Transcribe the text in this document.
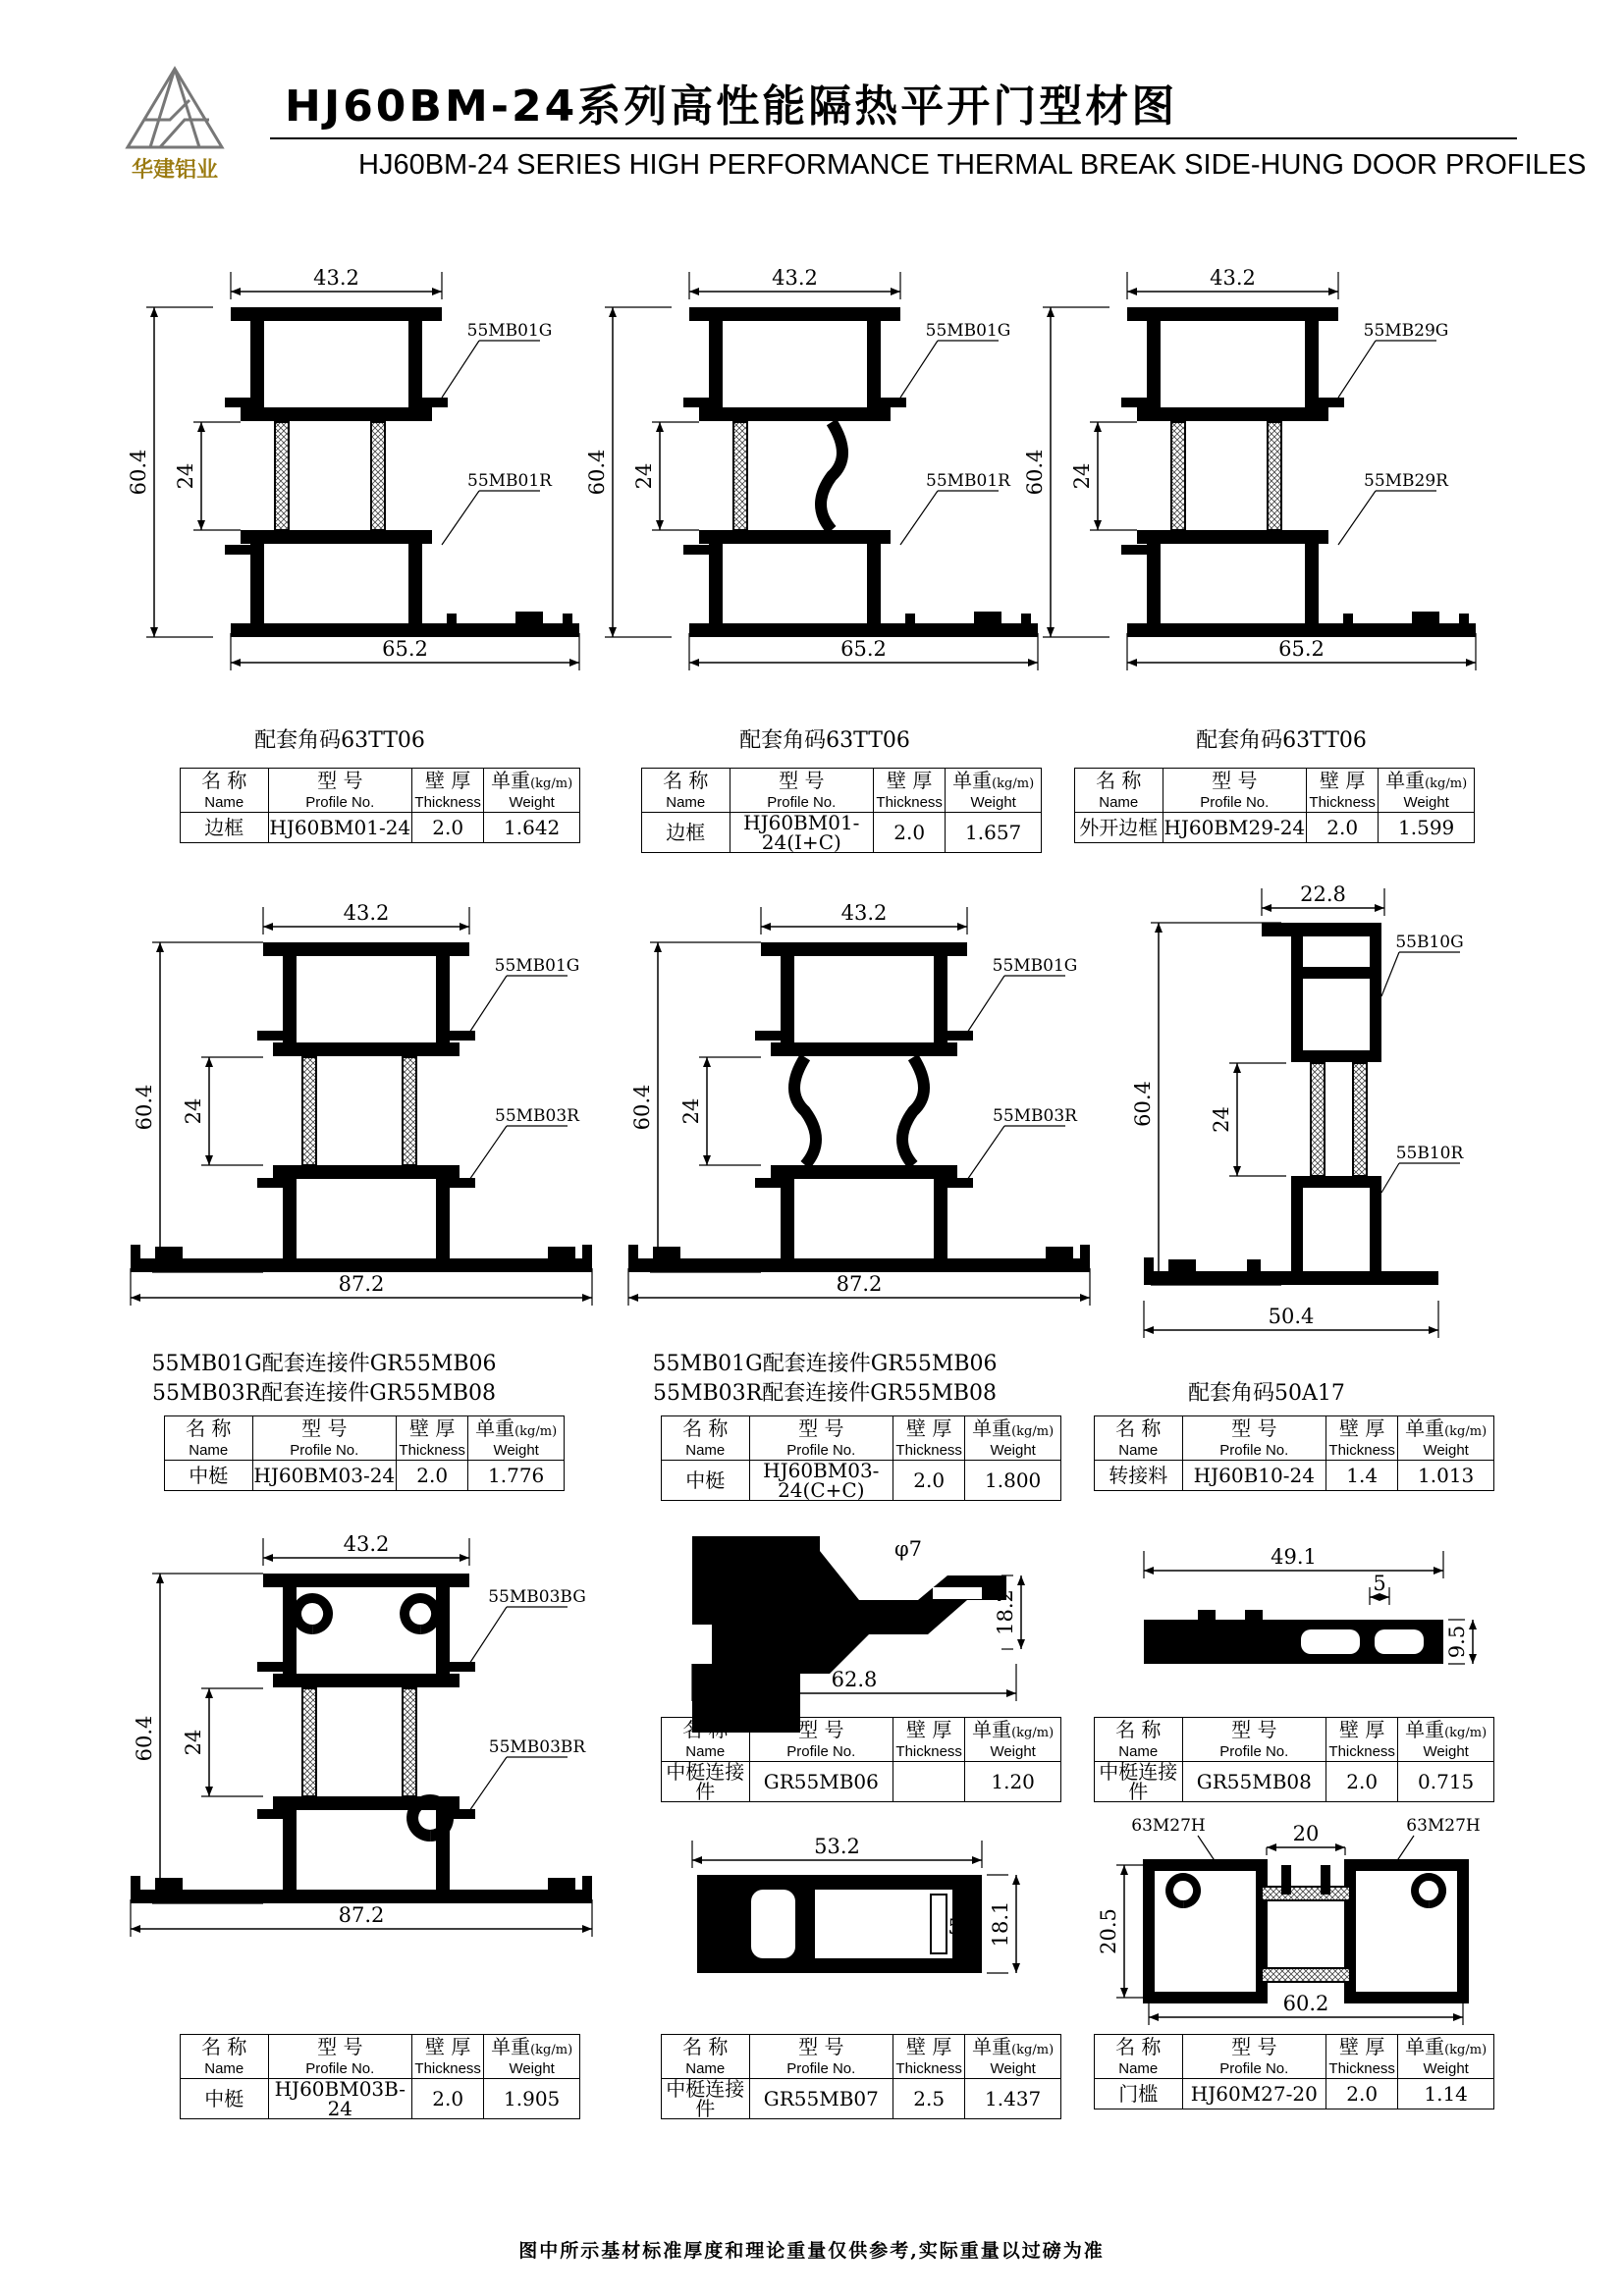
华建铝业
HJ60BM-24系列高性能隔热平开门型材图
HJ60BM-24 SERIES HIGH PERFORMANCE THERMAL BREAK SIDE-HUNG DOOR PROFILES
43.2
60.4 24
65.2
55MB01G
55MB01R
43.2
60.4 24
65.2
55MB01G
55MB01R
43.2
60.4 24
65.2
55MB29G
55MB29R
43.2
60.4 24
87.2
55MB01G
55MB03R
43.2
60.4 24
87.2
55MB01G
55MB03R
43.2
60.4 24
87.2
55MB03BG
55MB03BR
22.8
60.4	24
50.4
55B10G
55B10R
φ7
18.2
62.8
49.1
5
9.5
53.2
5 18.1
20
20.5
60.2
63M27H	63M27H
配套角码63TT06	配套角码63TT06	配套角码63TT06
55MB01G配套连接件GR55MB06
55MB03R配套连接件GR55MB08
55MB01G配套连接件GR55MB06
55MB03R配套连接件GR55MB08	配套角码50A17
名 称	型 号	壁 厚	单重(kg/m)
Name	Profile No.	Thickness	Weight
边框	HJ60BM01-24	2.0	1.642
名 称	型 号	壁 厚	单重(kg/m)
Name	Profile No.	Thickness	Weight
边框	HJ60BM01-24(I+C)	2.0	1.657
名 称	型 号	壁 厚	单重(kg/m)
Name	Profile No.	Thickness	Weight
外开边框	HJ60BM29-24	2.0	1.599
名 称	型 号	壁 厚	单重(kg/m)
Name	Profile No.	Thickness	Weight
中梃	HJ60BM03-24	2.0	1.776
名 称	型 号	壁 厚	单重(kg/m)
Name	Profile No.	Thickness	Weight
中梃	HJ60BM03-24(C+C)	2.0	1.800
名 称	型 号	壁 厚	单重(kg/m)
Name	Profile No.	Thickness	Weight
转接料	HJ60B10-24	1.4	1.013
名 称	型 号	壁 厚	单重(kg/m)
Name	Profile No.	Thickness	Weight
中梃连接件	GR55MB06		1.20
名 称	型 号	壁 厚	单重(kg/m)
Name	Profile No.	Thickness	Weight
中梃连接件	GR55MB08	2.0	0.715
名 称	型 号	壁 厚	单重(kg/m)
Name	Profile No.	Thickness	Weight
中梃	HJ60BM03B-24	2.0	1.905
名 称	型 号	壁 厚	单重(kg/m)
Name	Profile No.	Thickness	Weight
中梃连接件	GR55MB07	2.5	1.437
名 称	型 号	壁 厚	单重(kg/m)
Name	Profile No.	Thickness	Weight
门槛	HJ60M27-20	2.0	1.14
图中所示基材标准厚度和理论重量仅供参考,实际重量以过磅为准
